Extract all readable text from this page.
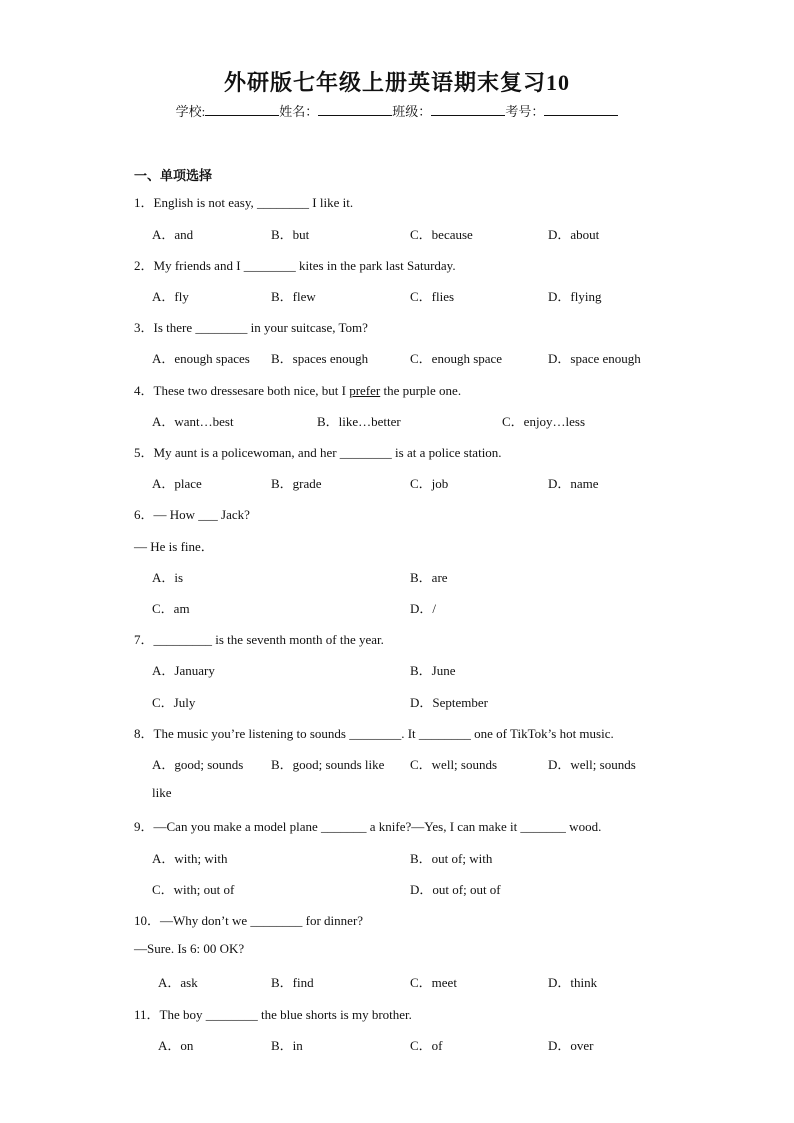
外研版七年级上册英语期末复习10
学校:	姓名：	班级：	考号：
一、单项选择
1．English is not easy, ________ I like it.
A．and	B．but	C．because	D．about
2．My friends and I ________ kites in the park last Saturday.
A．fly	B．flew	C．flies	D．flying
3．Is there ________ in your suitcase, Tom?
A．enough spaces B．spaces enough	C．enough space	D．space enough
4．These two dressesare both nice, but I prefer the purple one.
A．want…best	B．like…better	C．enjoy…less
5．My aunt is a policewoman, and her ________ is at a police station.
A．place	B．grade	C．job	D．name
6．— How ___ Jack?
— He is fine．
A．is	B．are
C．am	D．/
7．_________ is the seventh month of the year.
A．January	B．June
C．July	D．September
8．The music you’re listening to sounds ________. It ________ one of TikTok’s hot music.
A．good; sounds B．good; sounds like C．well; sounds	D．well; sounds
like
9．—Can you make a model plane _______ a knife?—Yes, I can make it _______ wood.
A．with; with	B．out of; with
C．with; out of	D．out of; out of
10．—Why don’t we ________ for dinner?
—Sure. Is 6: 00 OK?
A．ask	B．find	C．meet	D．think
11．The boy ________ the blue shorts is my brother.
A．on	B．in	C．of	D．over
